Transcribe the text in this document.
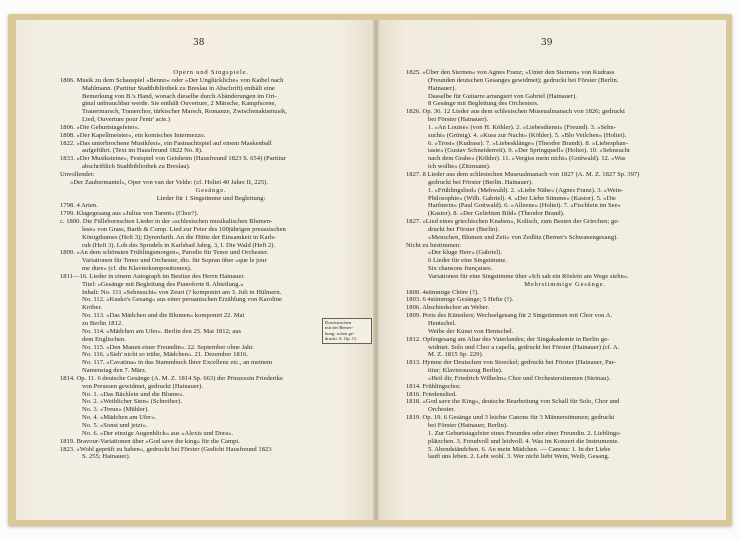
38	39
Opern und Singspiele.
1806. Musik zu dem Schauspiel »Benno« oder »Der Unglückliche« von Kaibel nach
Mahlmann. (Partitur Stadtbibliothek zu Breslau in Abschrift) enthält eine
Bemerkung von B.'s Hand, wonach dieselbe durch Abänderungen im Ori-
ginal unbrauchbar werde. Sie enthält Ouverture, 2 Märsche, Kampfscene,
Trauermarsch, Trauerchor, türkischer Marsch, Romanze, Zwischenaktsmusik,
Lied, Ouverture pour l'entr' acte.)
1806. »Die Geburtstagsfeier«.
1808. »Der Kapellmeister«, ein komisches Intermezzo.
1822. »Das unterbrochene Musikfest«, ein Fastnachtspiel auf einem Maskenball
aufgeführt. (Text im Hausfreund 1822 No. 8).
1833. »Der Musiksteine«, Festspiel von Geisheim (Hausfreund 1823 S. 654) (Partitur
abschriftlich Stadtbibliothek zu Breslau).
Unvollendet:
»Der Zaubermantel«, Oper von van der Velde: (cf. Holtei 40 Jahre II, 225).
Gesänge.
Lieder für 1 Singstimme und Begleitung:
1798. 4 Arien.
1799. Klagegesang aus »Julius von Tarent« (Chor?).
c. 1800. Die Füllebornschen Lieder in der »schlesischen musikalischen Blumen-
lese« von Grass, Barth & Comp. Lied zur Feier des 100jährigen preussischen
Königthumes (Heft 3); Dyrenfurth. An die Hütte der Einsamkeit in Karls-
ruh (Heft 3). Lob des Sprudels in Karlsbad Jahrg. 3, I. Die Wald (Heft 2).
1809. »An dem schönsten Frühlingsmorgen«, Parodie für Tenor und Orchester.
Variationen für Tenor und Orchester, dto. für Sopran über »que le jour
me dure« (cf. die Klavierkompositionen).
1811—16. Lieder in einem Autograph im Besitze des Herrn Hainauer.
Titel: »Gesänge mit Begleitung des Pianoforte 8. Abteilung.«
Inhalt: No. 111 »Sehnsucht« von Zeuri (? komponirt am 3. Juli in Hülmern.
No. 112. »Kusko's Gesang« aus einer peruanischen Erzählung von Karoline
Kröber.
No. 113. »Das Mädchen und die Blumen« komponirt 22. Mai
zu Berlin 1812.
No. 114. »Mädchen am Ufer«. Berlin den 25. Mai 1812; aus
dem Englischen.
No. 115. »Den Manen einer Freundin«. 22. September obne Jahr.
No. 116. »Sieh' nicht so trübe, Mädchen«. 21. Dezember 1816.
No. 117. »Cavatina« in das Stammbuch Ihrer Excellenz etc., an meinem
Namenstag den 7. März.
1814. Op. 11. 6 deutsche Gesänge (A. M. Z. 1814 Sp. 663) der Prinzessin Friederike
von Preussen gewidmet, gedruckt (Hainauer).
No. 1. »Das Bächlein und die Blume«.
No. 2. »Weiblicher Sinn« (Schreiber).
No. 3. »Treue« (Mühler).
No. 4. »Mädchen am Ufer«.
No. 5. »Sonst und jetzt«.
No. 6. »Der einzige Augenblick« aus »Alexis und Dora«.
1819. Bravour-Variationen über »God save the king« für die Campi.
1823. »Wohl geprüft zu haben«, gedruckt bei Förster (Gedicht Hausfreund 1823
S. 255; Hainauer).
1825. »Über den Sternen« von Agnes Franz; »Unter den Sternen« von Kudrass
(Freunden deutschen Gesanges gewidmet); gedruckt bei Förster (Berlin.
Hainauer).
Dasselbe für Guitarre arrangiert von Gabriel (Hainauer).
8 Gesänge mit Begleitung des Orchesters.
1826. Op. 36. 12 Lieder aus dem schlesischen Museualmanach von 1826; gedruckt
bei Förster (Hainauer).
1. »An Louise« (von H. Köhler). 2. »Liebesdienst« (Freund). 3. »Sehn-
sucht« (Grünig). 4. »Kuss zur Nacht« (Köhler). 5. »Blo Veilchen« (Holtei).
6. »Trost« (Kudrass). 7. »Liebesklänge« (Theodor Brandt). 8. »Liebesphan-
tasie« (Gustav Schneiderreit). 9. »Der Springquell« (Holtei). 10. »Sehnsucht
nach dem Grabe« (Köhler). 11. »Vergiss mein nicht« (Gottwald). 12. »Was
ich wollte« (Zitzmann).
1827. 8 Lieder aus dem schlesischen Museualmanach von 1827 (A. M. Z. 1827 Sp. 397)
gedruckt bei Förster (Berlin. Hainauer).
1. »Frühlingslied« (Mehwald). 2. »Liebe Nähe« (Agnes Franz). 3. »Wein-
Philosophie« (Wilh. Gabriel). 4. »Der Liebe Stimme« (Kastor). 5. »Die
Harfnerin« (Paul Gottwald). 6. »Alleene« (Holtei). 7. »Fischlein im See«
(Kastor). 8. »Der Geliebten Bild« (Theodor Brand).
1827. »Lied eines griechischen Knaben«, Kolisch, zum Besten der Griechen; ge-
druckt bei Förster (Berlin).
»Menschen, Blumen und Zeit« von Zedlitz (Berner's Schwanengesang).
Nicht zu bestimmen:
»Der kluge Herr« (Gabriel).
6 Lieder für eine Singstimme.
Six chansons françaises.
Variationen für eine Singstimme über »Ich sah ein Röslein am Wege stehn«.
Mehrstimmige Gesänge.
1800. 4stimmige Chöre (?).
1803. 6 4stimmige Gesänge; 5 Hefte (?).
1806. Abschiedschor an Weber.
1809. Preis des Künstlers; Wechselgesang für 2 Singstimmen mit Chor von A.
Hentschel.
Weibe der Kunst von Hentschel.
1812. Opfergesang am Altar des Vaterlandes; der Singakademie in Berlin ge-
widmet. Solo und Chor a capella, gedruckt bei Förster (Hainauer) (cf. A.
M. Z. 1815 Sp. 229).
1813. Hymne der Deutschen von Stoeckel; gedruckt bei Förster (Hainauer, Par-
titur; Klavierauszug Berlin).
»Heil dir, Friedrich Wilhelm« Chor und Orchesterstimmen (Steinau).
1814. Frühlingschor.
1816. Friedenslied.
1818. »God save the King«, deutsche Bearbeitung von Schall für Solo, Chor und
Orchester.
1819. Op. 19. 6 Gesänge und 3 leichte Canons für 3 Männerstimmen; gedruckt
bei Förster (Hainauer, Berlin).
1. Zur Geburtstagsfeier eines Freundes oder einer Freundin. 2. Lieblings-
plätzchen. 3. Freudvoll und leidvoll. 4. Was im Konzert die Instrumente.
5. Abendständchen. 6. An mein Mädchen. — Canons: 1. In der Liebe
lauft uns leben. 2. Lebt wohl. 3. Wer nicht liebt Wein, Weib, Gesang.
Durchstrichen
mit der Bemer-
kung: schon ge-
druckt. S. Op. 11.
